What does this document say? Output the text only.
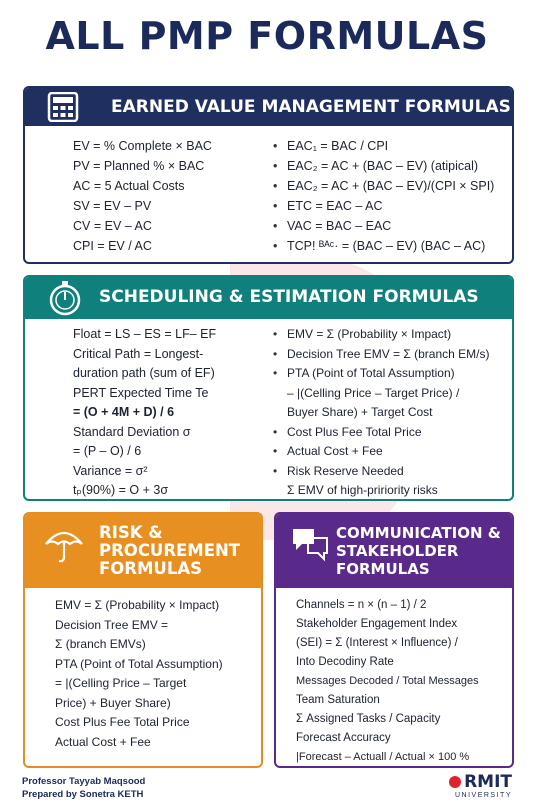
ALL PMP FORMULAS
EARNED VALUE MANAGEMENT FORMULAS
EV = % Complete × BAC
PV = Planned % × BAC
AC = 5 Actual Costs
SV = EV – PV
CV = EV – AC
CPI = EV / AC
• EAC₁ = BAC / CPI
• EAC₂ = AC + (BAC – EV) (atipical)
• EAC₂ = AC + (BAC – EV)/(CPI × SPI)
• ETC = EAC – AC
• VAC = BAC – EAC
• TCP! ᴮᴬᶜ· = (BAC – EV) (BAC – AC)
SCHEDULING & ESTIMATION FORMULAS
Float = LS – ES = LF– EF
Critical Path = Longest-
duration path (sum of EF)
PERT Expected Time Te
= (O + 4M + D) / 6
Standard Deviation σ
= (P – O) / 6
Variance = σ²
tₚ(90%) = O + 3σ
• EMV = Σ (Probability × Impact)
• Decision Tree EMV = Σ (branch EM/s)
• PTA (Point of Total Assumption)
– |(Celling Price – Target Price) /
Buyer Share) + Target Cost
• Cost Plus Fee Total Price
• Actual Cost + Fee
• Risk Reserve Needed
Σ EMV of high-pririority risks
RISK & PROCUREMENT FORMULAS
EMV = Σ (Probability × Impact)
Decision Tree EMV =
Σ (branch EMVs)
PTA (Point of Total Assumption)
= |(Celling Price – Target
Price) + Buyer Share)
Cost Plus Fee Total Price
Actual Cost + Fee
COMMUNICATION & STAKEHOLDER FORMULAS
Channels = n × (n – 1) / 2
Stakeholder Engagement Index
(SEI) = Σ (Interest × Influence) /
Into Decodiny Rate
Messages Decoded / Total Messages
Team Saturation
Σ Assigned Tasks / Capacity
Forecast Accuracy
|Forecast – Actuall / Actual × 100 %
Professor Tayyab Maqsood
Prepared by Sonetra KETH
RMIT
UNIVERSITY
